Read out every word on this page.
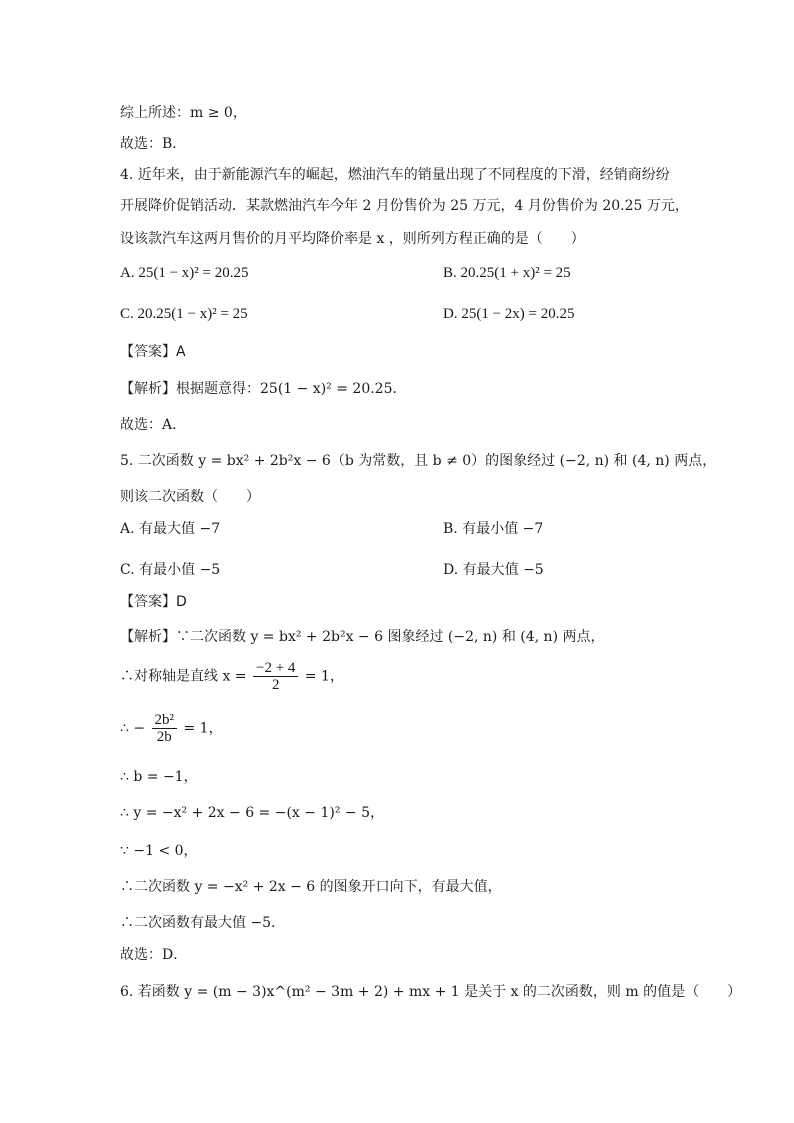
综上所述：m ≥ 0，
故选：B．
4. 近年来，由于新能源汽车的崛起，燃油汽车的销量出现了不同程度的下滑，经销商纷纷
开展降价促销活动．某款燃油汽车今年 2 月份售价为 25 万元，4 月份售价为 20.25 万元，
设该款汽车这两月售价的月平均降价率是 x ，则所列方程正确的是（　　）
A. 25(1 − x)² = 20.25	B. 20.25(1 + x)² = 25
C. 20.25(1 − x)² = 25	D. 25(1 − 2x) = 20.25
【答案】A
【解析】根据题意得：25(1 − x)² = 20.25．
故选：A．
5. 二次函数 y = bx² + 2b²x − 6（b 为常数，且 b ≠ 0）的图象经过 (−2, n) 和 (4, n) 两点，
则该二次函数（　　）
A. 有最大值 −7	B. 有最小值 −7
C. 有最小值 −5	D. 有最大值 −5
【答案】D
【解析】∵二次函数 y = bx² + 2b²x − 6 图象经过 (−2, n) 和 (4, n) 两点，
∴对称轴是直线 $x = \frac{-2 + 4}{2} = 1$，
∴ − $\frac{\text{2b²}}{2b} = 1$，
∴ b = −1，
∴ y = −x² + 2x − 6 = −(x − 1)² − 5，
∵ −1 < 0，
∴二次函数 y = −x² + 2x − 6 的图象开口向下，有最大值，
∴二次函数有最大值 −5．
故选：D．
6. 若函数 y = (m − 3)x^(m² − 3m + 2) + mx + 1 是关于 x 的二次函数，则 m 的值是（　　）
